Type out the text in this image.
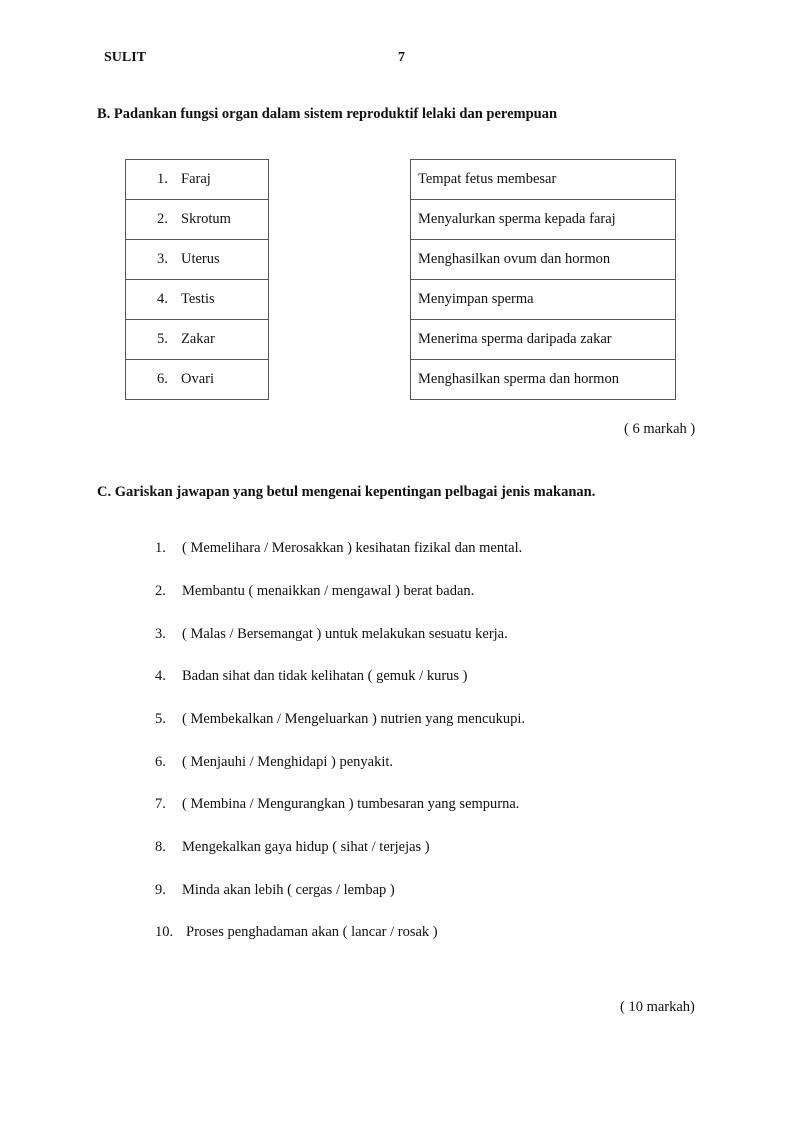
SULIT	7
B. Padankan fungsi organ dalam sistem reproduktif lelaki dan perempuan
1. Faraj
2. Skrotum
3. Uterus
4. Testis
5. Zakar
6. Ovari
Tempat fetus membesar
Menyalurkan sperma kepada faraj
Menghasilkan ovum dan hormon
Menyimpan sperma
Menerima sperma daripada zakar
Menghasilkan sperma dan hormon
( 6 markah )
C. Gariskan jawapan yang betul mengenai kepentingan pelbagai jenis makanan.
1. ( Memelihara / Merosakkan ) kesihatan fizikal dan mental.
2. Membantu ( menaikkan / mengawal ) berat badan.
3. ( Malas / Bersemangat ) untuk melakukan sesuatu kerja.
4. Badan sihat dan tidak kelihatan ( gemuk / kurus )
5. ( Membekalkan / Mengeluarkan ) nutrien yang mencukupi.
6. ( Menjauhi / Menghidapi ) penyakit.
7. ( Membina / Mengurangkan ) tumbesaran yang sempurna.
8. Mengekalkan gaya hidup ( sihat / terjejas )
9. Minda akan lebih ( cergas / lembap )
10. Proses penghadaman akan ( lancar / rosak )
( 10 markah)
